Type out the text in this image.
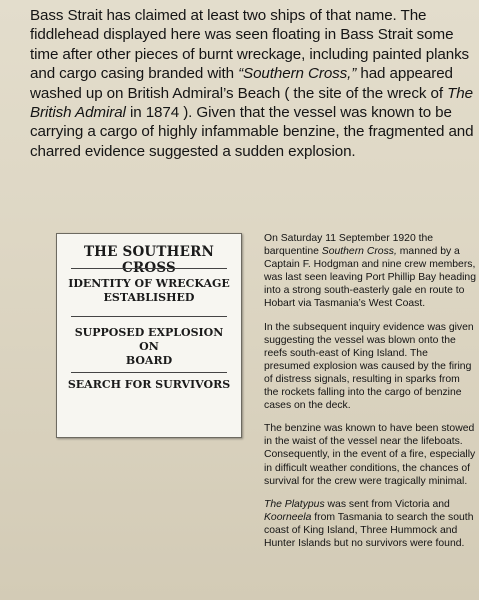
Bass Strait has claimed at least two ships of that name. The fiddlehead displayed here was seen floating in Bass Strait some time after other pieces of burnt wreckage, including painted planks and cargo casing branded with “Southern Cross,” had appeared washed up on British Admiral’s Beach ( the site of the wreck of The British Admiral in 1874 ). Given that the vessel was known to be carrying a cargo of highly infammable benzine, the fragmented and charred evidence suggested a sudden explosion.

THE SOUTHERN CROSS
IDENTITY OF WRECKAGE
ESTABLISHED
SUPPOSED EXPLOSION ON
BOARD
SEARCH FOR SURVIVORS

On Saturday 11 September 1920 the barquentine Southern Cross, manned by a Captain F. Hodgman and nine crew members, was last seen leaving Port Phillip Bay heading into a strong south-easterly gale en route to Hobart via Tasmania’s West Coast.

In the subsequent inquiry evidence was given suggesting the vessel was blown onto the reefs south-east of King Island. The presumed explosion was caused by the firing of distress signals, resulting in sparks from the rockets falling into the cargo of benzine cases on the deck.

The benzine was known to have been stowed in the waist of the vessel near the lifeboats. Consequently, in the event of a fire, especially in difficult weather conditions, the chances of survival for the crew were tragically minimal.

The Platypus was sent from Victoria and Koorneela from Tasmania to search the south coast of King Island, Three Hummock and Hunter Islands but no survivors were found.
